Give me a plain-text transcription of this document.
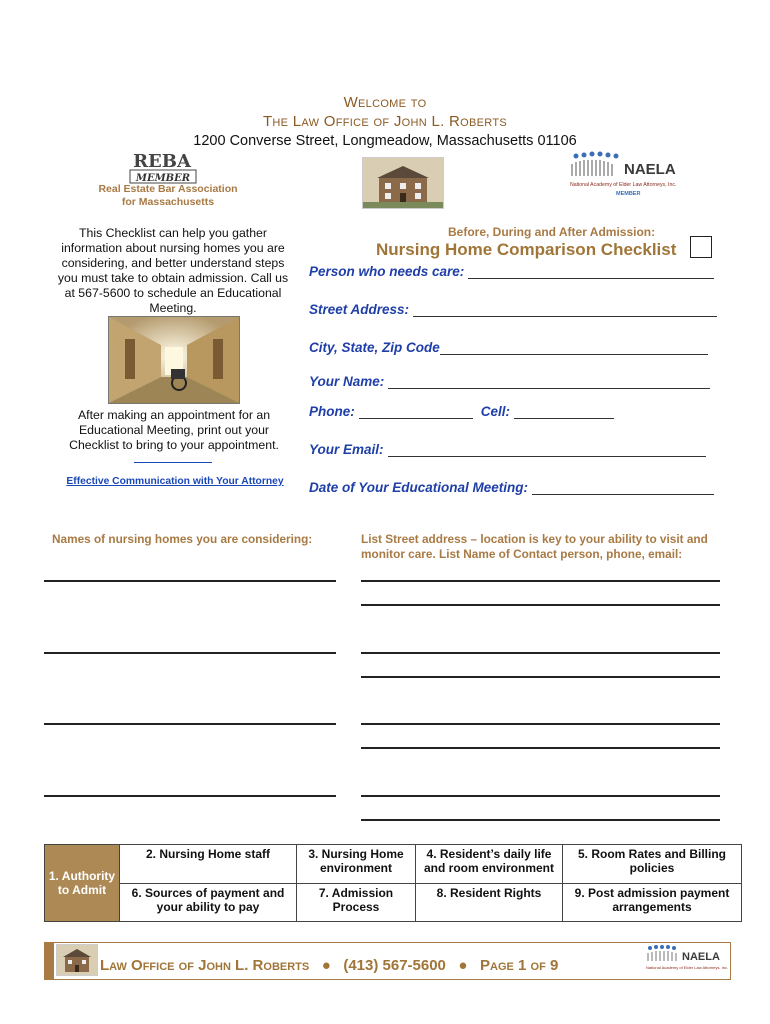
Welcome to
The Law Office of John L. Roberts
1200 Converse Street, Longmeadow, Massachusetts 01106
REBA
MEMBER
Real Estate Bar Association
for Massachusetts
NAELA
National Academy of Elder Law Attorneys, Inc.
MEMBER
This Checklist can help you gather information about nursing homes you are considering, and better understand steps you must take to obtain admission. Call us at 567-5600 to schedule an Educational Meeting.
After making an appointment for an Educational Meeting, print out your Checklist to bring to your appointment.
Effective Communication with Your Attorney
Before, During and After Admission:
Nursing Home Comparison Checklist
Person who needs care:
Street Address:
City, State, Zip Code
Your Name:
Phone:	Cell:
Your Email:
Date of Your Educational Meeting:
Names of nursing homes you are considering:	List Street address – location is key to your ability to visit and monitor care. List Name of Contact person, phone, email:
1. Authority to Admit	2. Nursing Home staff	3. Nursing Home environment	4. Resident’s daily life and room environment	5. Room Rates and Billing policies
	6. Sources of payment and your ability to pay	7. Admission Process	8. Resident Rights	9. Post admission payment arrangements
Law Office of John L. Roberts ● (413) 567-5600 ● Page 1 of 9	NAELA
National Academy of Elder Law Attorneys, Inc.
